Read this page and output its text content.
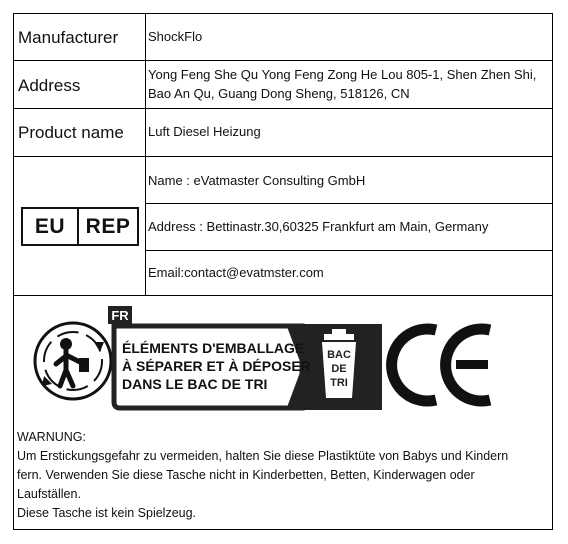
Manufacturer ShockFlo
Address
Yong Feng She Qu Yong Feng Zong He Lou 805-1, Shen Zhen Shi,
Bao An Qu, Guang Dong Sheng, 518126, CN
Product name Luft Diesel Heizung
EU REP
Name : eVatmaster Consulting GmbH
Address : Bettinastr.30,60325 Frankfurt am Main, Germany
Email:contact@evatmster.com
FR
ÉLÉMENTS D'EMBALLAGE
À SÉPARER ET À DÉPOSER
DANS LE BAC DE TRI
BAC
DE
TRI
WARNUNG:
Um Erstickungsgefahr zu vermeiden, halten Sie diese Plastiktüte von Babys und Kindern
fern. Verwenden Sie diese Tasche nicht in Kinderbetten, Betten, Kinderwagen oder
Laufställen.
Diese Tasche ist kein Spielzeug.
